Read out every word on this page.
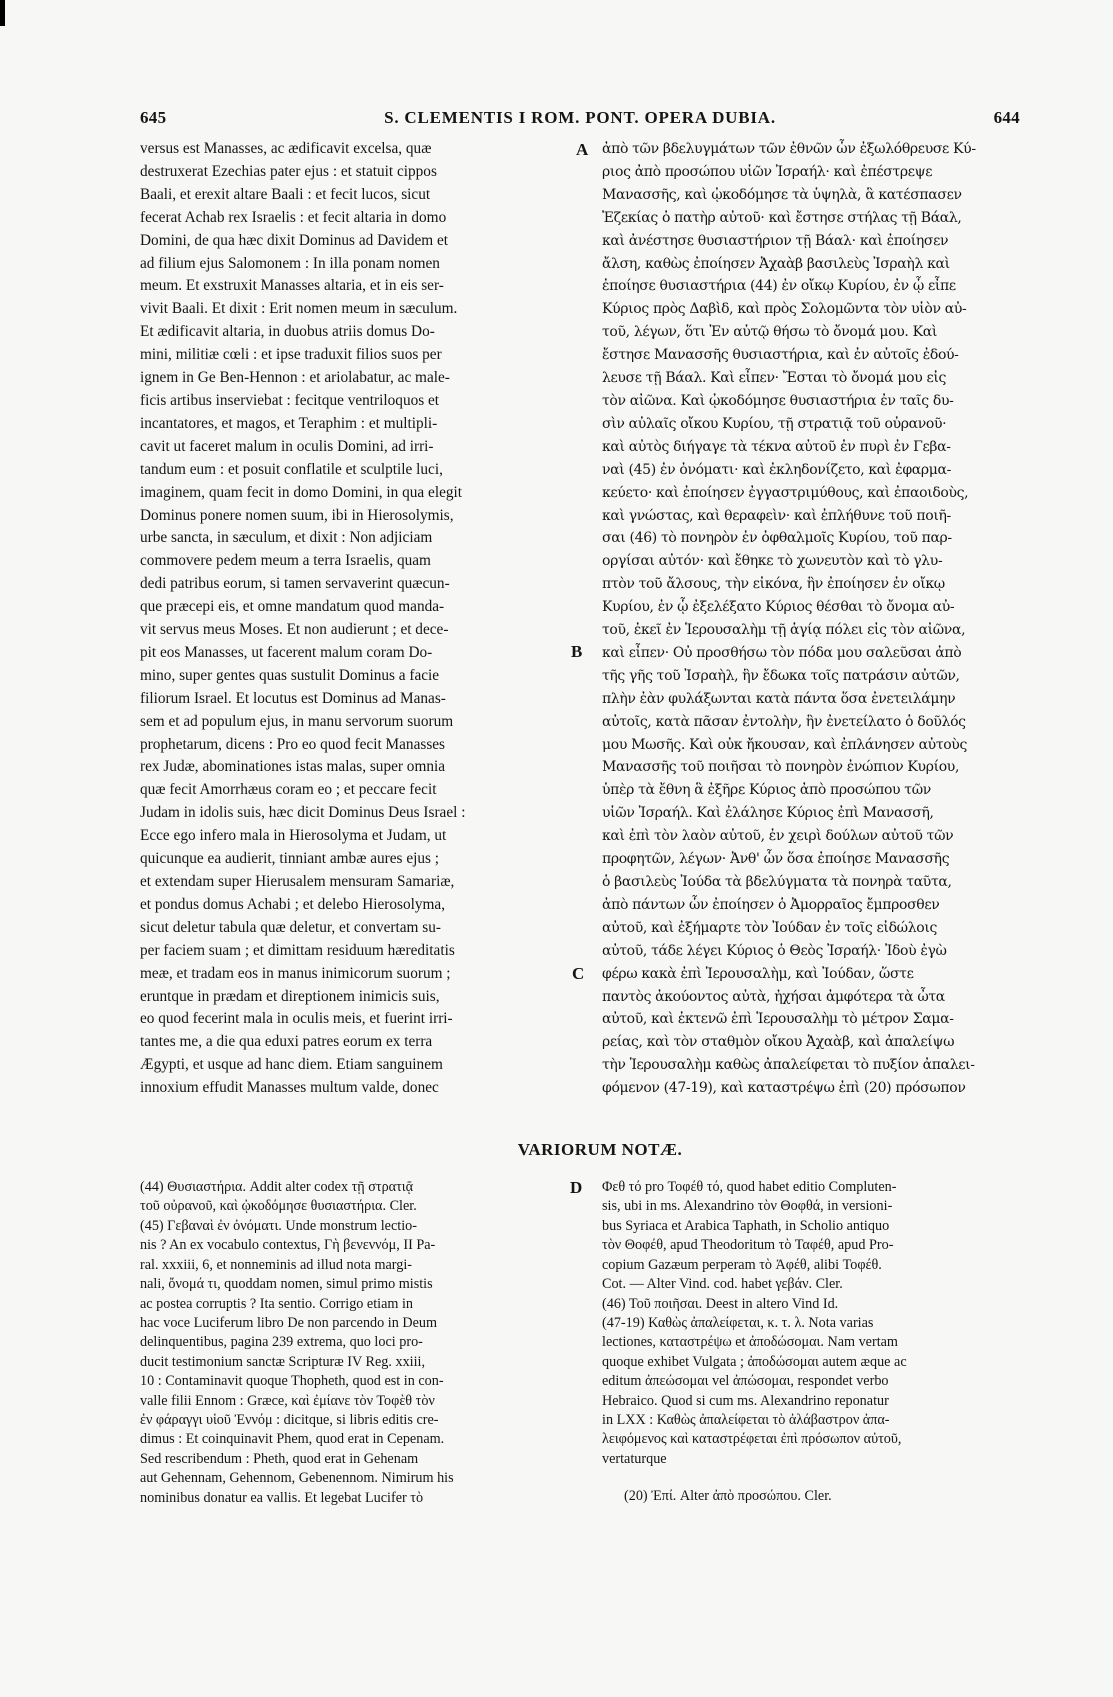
645	S. CLEMENTIS I ROM. PONT. OPERA DUBIA.	644
versus est Manasses, ac ædificavit excelsa, quæ
destruxerat Ezechias pater ejus : et statuit cippos
Baali, et erexit altare Baali : et fecit lucos, sicut
fecerat Achab rex Israelis : et fecit altaria in domo
Domini, de qua hæc dixit Dominus ad Davidem et
ad filium ejus Salomonem : In illa ponam nomen
meum. Et exstruxit Manasses altaria, et in eis ser-
vivit Baali. Et dixit : Erit nomen meum in sæculum.
Et ædificavit altaria, in duobus atriis domus Do-
mini, militiæ cœli : et ipse traduxit filios suos per
ignem in Ge Ben-Hennon : et ariolabatur, ac male-
ficis artibus inserviebat : fecitque ventriloquos et
incantatores, et magos, et Teraphim : et multipli-
cavit ut faceret malum in oculis Domini, ad irri-
tandum eum : et posuit conflatile et sculptile luci,
imaginem, quam fecit in domo Domini, in qua elegit
Dominus ponere nomen suum, ibi in Hierosolymis,
urbe sancta, in sæculum, et dixit : Non adjiciam
commovere pedem meum a terra Israelis, quam
dedi patribus eorum, si tamen servaverint quæcun-
que præcepi eis, et omne mandatum quod manda-
vit servus meus Moses. Et non audierunt ; et dece-
pit eos Manasses, ut facerent malum coram Do-
mino, super gentes quas sustulit Dominus a facie
filiorum Israel. Et locutus est Dominus ad Manas-
sem et ad populum ejus, in manu servorum suorum
prophetarum, dicens : Pro eo quod fecit Manasses
rex Judæ, abominationes istas malas, super omnia
quæ fecit Amorrhæus coram eo ; et peccare fecit
Judam in idolis suis, hæc dicit Dominus Deus Israel :
Ecce ego infero mala in Hierosolyma et Judam, ut
quicunque ea audierit, tinniant ambæ aures ejus ;
et extendam super Hierusalem mensuram Samariæ,
et pondus domus Achabi ; et delebo Hierosolyma,
sicut deletur tabula quæ deletur, et convertam su-
per faciem suam ; et dimittam residuum hæreditatis
meæ, et tradam eos in manus inimicorum suorum ;
eruntque in prædam et direptionem inimicis suis,
eo quod fecerint mala in oculis meis, et fuerint irri-
tantes me, a die qua eduxi patres eorum ex terra
Ægypti, et usque ad hanc diem. Etiam sanguinem
innoxium effudit Manasses multum valde, donec
ἀπὸ τῶν βδελυγμάτων τῶν ἐθνῶν ὧν ἐξωλόθρευσε Κύ-
ριος ἀπὸ προσώπου υἱῶν Ἰσραήλ· καὶ ἐπέστρεψε
Μανασσῆς, καὶ ᾠκοδόμησε τὰ ὑψηλὰ, ἃ κατέσπασεν
Ἐζεκίας ὁ πατὴρ αὐτοῦ· καὶ ἔστησε στήλας τῇ Βάαλ,
καὶ ἀνέστησε θυσιαστήριον τῇ Βάαλ· καὶ ἐποίησεν
ἄλση, καθὼς ἐποίησεν Ἀχαὰβ βασιλεὺς Ἰσραὴλ καὶ
ἐποίησε θυσιαστήρια (44) ἐν οἴκῳ Κυρίου, ἐν ᾧ εἶπε
Κύριος πρὸς Δαβὶδ, καὶ πρὸς Σολομῶντα τὸν υἱὸν αὐ-
τοῦ, λέγων, ὅτι Ἐν αὐτῷ θήσω τὸ ὄνομά μου. Καὶ
ἔστησε Μανασσῆς θυσιαστήρια, καὶ ἐν αὐτοῖς ἐδού-
λευσε τῇ Βάαλ. Καὶ εἶπεν· Ἔσται τὸ ὄνομά μου εἰς
τὸν αἰῶνα. Καὶ ᾠκοδόμησε θυσιαστήρια ἐν ταῖς δυ-
σὶν αὐλαῖς οἴκου Κυρίου, τῇ στρατιᾷ τοῦ οὐρανοῦ·
καὶ αὐτὸς διήγαγε τὰ τέκνα αὐτοῦ ἐν πυρὶ ἐν Γεβα-
ναὶ (45) ἐν ὀνόματι· καὶ ἐκληδονίζετο, καὶ ἐφαρμα-
κεύετο· καὶ ἐποίησεν ἐγγαστριμύθους, καὶ ἐπαοιδοὺς,
καὶ γνώστας, καὶ θεραφεὶν· καὶ ἐπλήθυνε τοῦ ποιῆ-
σαι (46) τὸ πονηρὸν ἐν ὀφθαλμοῖς Κυρίου, τοῦ παρ-
οργίσαι αὐτόν· καὶ ἔθηκε τὸ χωνευτὸν καὶ τὸ γλυ-
πτὸν τοῦ ἄλσους, τὴν εἰκόνα, ἣν ἐποίησεν ἐν οἴκῳ
Κυρίου, ἐν ᾧ ἐξελέξατο Κύριος θέσθαι τὸ ὄνομα αὐ-
τοῦ, ἐκεῖ ἐν Ἱερουσαλὴμ τῇ ἁγίᾳ πόλει εἰς τὸν αἰῶνα,
καὶ εἶπεν· Οὐ προσθήσω τὸν πόδα μου σαλεῦσαι ἀπὸ
τῆς γῆς τοῦ Ἰσραὴλ, ἣν ἔδωκα τοῖς πατράσιν αὐτῶν,
πλὴν ἐὰν φυλάξωνται κατὰ πάντα ὅσα ἐνετειλάμην
αὐτοῖς, κατὰ πᾶσαν ἐντολὴν, ἣν ἐνετείλατο ὁ δοῦλός
μου Μωσῆς. Καὶ οὐκ ἤκουσαν, καὶ ἐπλάνησεν αὐτοὺς
Μανασσῆς τοῦ ποιῆσαι τὸ πονηρὸν ἐνώπιον Κυρίου,
ὑπὲρ τὰ ἔθνη ἃ ἐξῆρε Κύριος ἀπὸ προσώπου τῶν
υἱῶν Ἰσραήλ. Καὶ ἐλάλησε Κύριος ἐπὶ Μανασσῆ,
καὶ ἐπὶ τὸν λαὸν αὐτοῦ, ἐν χειρὶ δούλων αὐτοῦ τῶν
προφητῶν, λέγων· Ἀνθ' ὧν ὅσα ἐποίησε Μανασσῆς
ὁ βασιλεὺς Ἰούδα τὰ βδελύγματα τὰ πονηρὰ ταῦτα,
ἀπὸ πάντων ὧν ἐποίησεν ὁ Ἀμορραῖος ἔμπροσθεν
αὐτοῦ, καὶ ἐξήμαρτε τὸν Ἰούδαν ἐν τοῖς εἰδώλοις
αὐτοῦ, τάδε λέγει Κύριος ὁ Θεὸς Ἰσραήλ· Ἰδοὺ ἐγὼ
φέρω κακὰ ἐπὶ Ἱερουσαλὴμ, καὶ Ἰούδαν, ὥστε
παντὸς ἀκούοντος αὐτὰ, ἠχήσαι ἀμφότερα τὰ ὦτα
αὐτοῦ, καὶ ἐκτενῶ ἐπὶ Ἱερουσαλὴμ τὸ μέτρον Σαμα-
ρείας, καὶ τὸν σταθμὸν οἴκου Ἀχαὰβ, καὶ ἀπαλείψω
τὴν Ἱερουσαλὴμ καθὼς ἀπαλείφεται τὸ πυξίον ἀπαλει-
φόμενον (47-19), καὶ καταστρέψω ἐπὶ (20) πρόσωπον
A
B
C
VARIORUM NOTÆ.
(44) Θυσιαστήρια. Addit alter codex τῇ στρατιᾷ
τοῦ οὐρανοῦ, καὶ ᾠκοδόμησε θυσιαστήρια. Cler.
(45) Γεβαναὶ ἐν ὀνόματι. Unde monstrum lectio-
nis ? An ex vocabulo contextus, Γὴ βενεννόμ, II Pa-
ral. xxxiii, 6, et nonneminis ad illud nota margi-
nali, ὄνομά τι, quoddam nomen, simul primo mistis
ac postea corruptis ? Ita sentio. Corrigo etiam in
hac voce Luciferum libro De non parcendo in Deum
delinquentibus, pagina 239 extrema, quo loci pro-
ducit testimonium sanctæ Scripturæ IV Reg. xxiii,
10 : Contaminavit quoque Thopheth, quod est in con-
valle filii Ennom : Græce, καὶ ἐμίανε τὸν Τοφὲθ τὸν
ἐν φάραγγι υἱοῦ Ἐννόμ : dicitque, si libris editis cre-
dimus : Et coinquinavit Phem, quod erat in Cepenam.
Sed rescribendum : Pheth, quod erat in Gehenam
aut Gehennam, Gehennom, Gebenennom. Nimirum his
nominibus donatur ea vallis. Et legebat Lucifer τὸ
Φεθ τό pro Τοφέθ τό, quod habet editio Compluten-
sis, ubi in ms. Alexandrino τὸν Θοφθά, in versioni-
bus Syriaca et Arabica Taphath, in Scholio antiquo
τὸν Θοφέθ, apud Theodoritum τὸ Ταφέθ, apud Pro-
copium Gazæum perperam τὸ Ἀφέθ, alibi Τοφέθ.
Cot. — Alter Vind. cod. habet γεβάν. Cler.
(46) Τοῦ ποιῆσαι. Deest in altero Vind Id.
(47-19) Καθὼς ἀπαλείφεται, κ. τ. λ. Nota varias
lectiones, καταστρέψω et ἀποδώσομαι. Nam vertam
quoque exhibet Vulgata ; ἀποδώσομαι autem æque ac
editum ἀπεώσομαι vel ἀπώσομαι, respondet verbo
Hebraico. Quod si cum ms. Alexandrino reponatur
in LXX : Καθὼς ἀπαλείφεται τὸ ἀλάβαστρον ἀπα-
λειφόμενος καὶ καταστρέφεται ἐπὶ πρόσωπον αὐτοῦ,
vertaturque
(20) Ἐπί. Alter ἀπὸ προσώπου. Cler.
D
